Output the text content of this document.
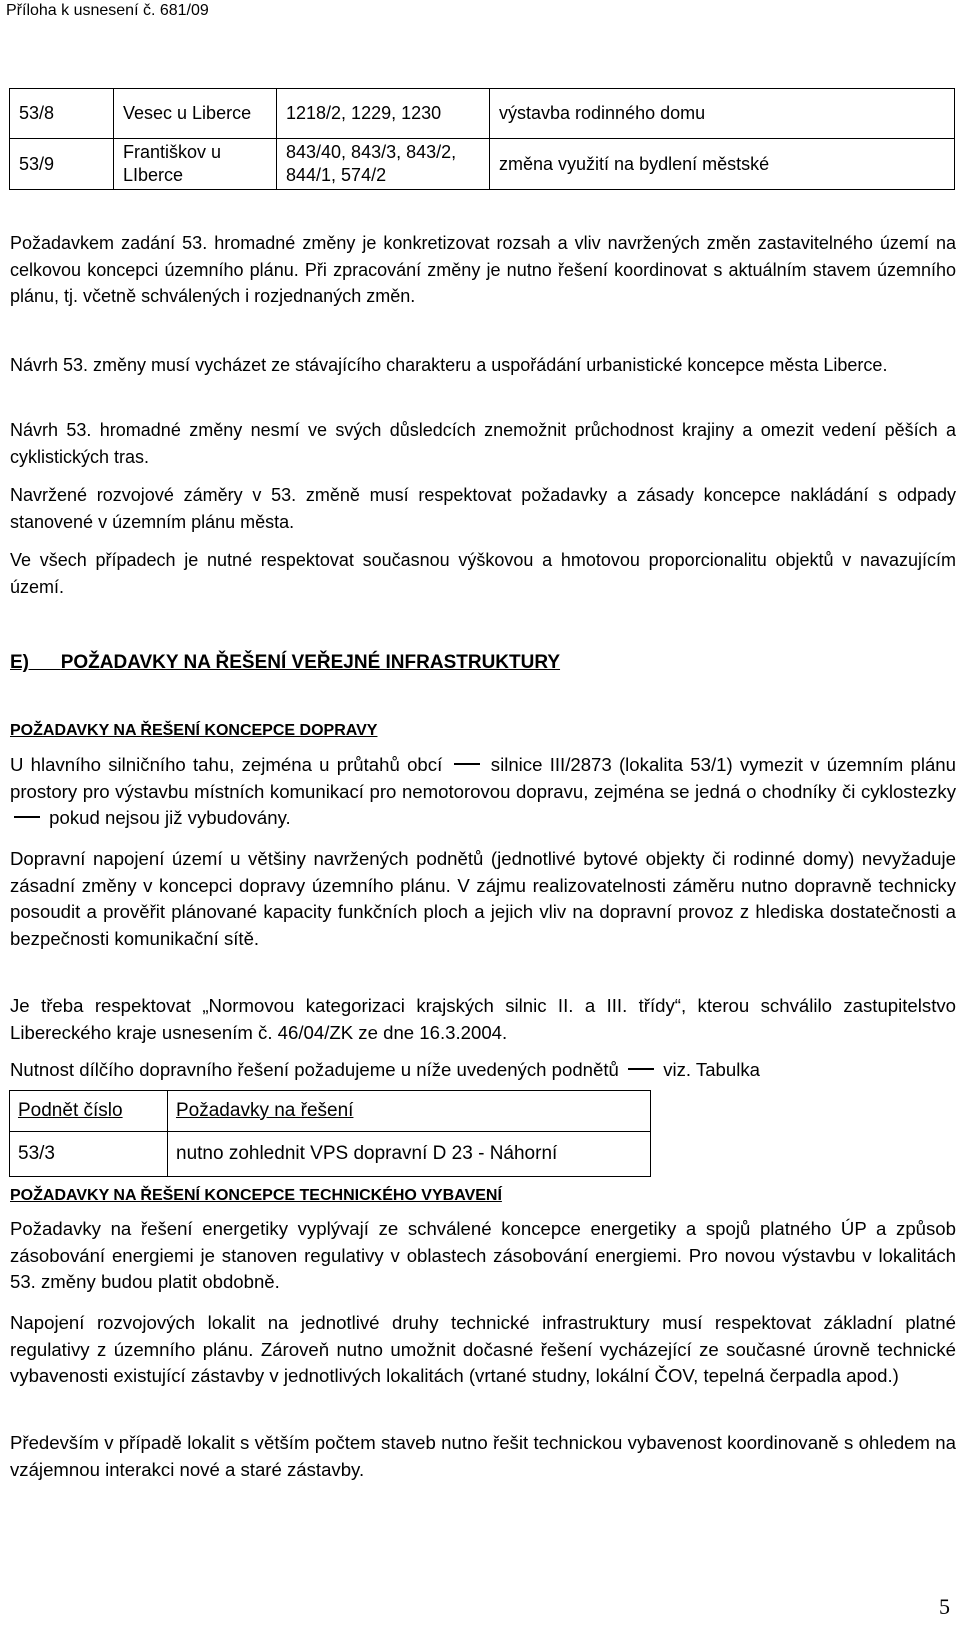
Příloha k usnesení č. 681/09
53/8	Vesec u Liberce	1218/2, 1229, 1230	výstavba rodinného domu
53/9	Františkov u LIberce	843/40, 843/3, 843/2, 844/1, 574/2	změna využití na bydlení městské

Požadavkem zadání 53. hromadné změny je konkretizovat rozsah a vliv navržených změn zastavitelného území na celkovou koncepci územního plánu. Při zpracování změny je nutno řešení koordinovat s aktuálním stavem územního plánu, tj. včetně schválených i rozjednaných změn.

Návrh 53. změny musí vycházet ze stávajícího charakteru a uspořádání urbanistické koncepce města Liberce.

Návrh 53. hromadné změny nesmí ve svých důsledcích znemožnit průchodnost krajiny a omezit vedení pěších a cyklistických tras.

Navržené rozvojové záměry v 53. změně musí respektovat požadavky a zásady koncepce nakládání s odpady stanovené v územním plánu města.

Ve všech případech je nutné respektovat současnou výškovou a hmotovou proporcionalitu objektů v navazujícím území.

E) POŽADAVKY NA ŘEŠENÍ VEŘEJNÉ INFRASTRUKTURY
POŽADAVKY NA ŘEŠENÍ KONCEPCE DOPRAVY

U hlavního silničního tahu, zejména u průtahů obcí	silnice III/2873 (lokalita 53/1) vymezit v územním plánu prostory pro výstavbu místních komunikací pro nemotorovou dopravu, zejména se jedná o chodníky či cyklostezky  pokud nejsou již vybudovány.

Dopravní napojení území u většiny navržených podnětů (jednotlivé bytové objekty či rodinné domy) nevyžaduje zásadní změny v koncepci dopravy územního plánu. V zájmu realizovatelnosti záměru nutno dopravně technicky posoudit a prověřit plánované kapacity funkčních ploch a jejich vliv na dopravní provoz z hlediska dostatečnosti a bezpečnosti komunikační sítě.

Je třeba respektovat „Normovou kategorizaci krajských silnic II. a III. třídy“, kterou schválilo zastupitelstvo Libereckého kraje usnesením č. 46/04/ZK ze dne 16.3.2004.

Nutnost dílčího dopravního řešení požadujeme u níže uvedených podnětů viz. Tabulka

Podnět číslo	Požadavky na řešení
53/3	nutno zohlednit VPS dopravní D 23 - Náhorní
POŽADAVKY NA ŘEŠENÍ KONCEPCE TECHNICKÉHO VYBAVENÍ

Požadavky na řešení energetiky vyplývají ze schválené koncepce energetiky a spojů platného ÚP a způsob zásobování energiemi je stanoven regulativy v oblastech zásobování energiemi. Pro novou výstavbu v lokalitách 53. změny budou platit obdobně.

Napojení rozvojových lokalit na jednotlivé druhy technické infrastruktury musí respektovat základní platné regulativy z územního plánu. Zároveň nutno umožnit dočasné řešení vycházející ze současné úrovně technické vybavenosti existující zástavby v jednotlivých lokalitách (vrtané studny, lokální ČOV, tepelná čerpadla apod.)

Především v případě lokalit s větším počtem staveb nutno řešit technickou vybavenost koordinovaně s ohledem na vzájemnou interakci nové a staré zástavby.

5
